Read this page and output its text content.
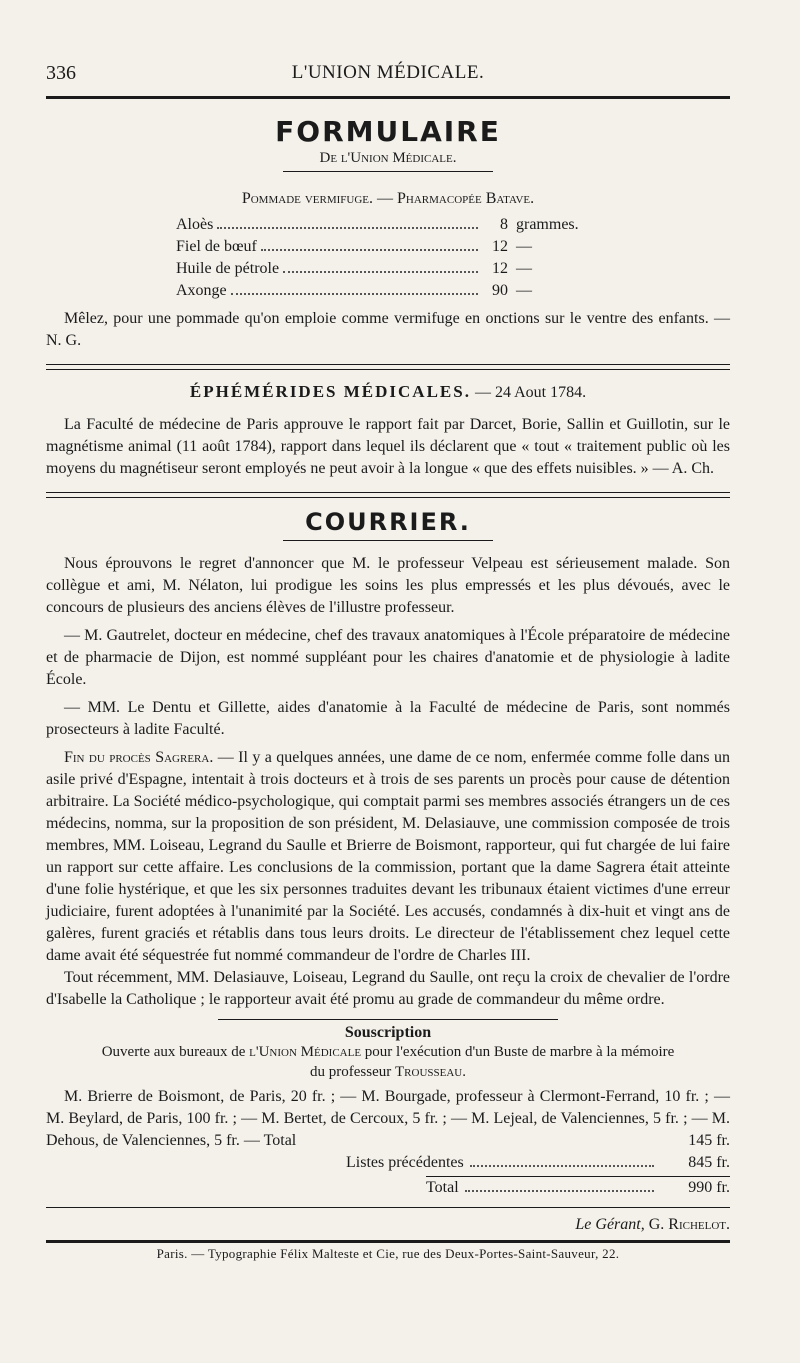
336	L'UNION MÉDICALE.
FORMULAIRE
De l'Union Médicale.
Pommade vermifuge. — Pharmacopée Batave.
Aloès	8 grammes.
Fiel de bœuf	12 —
Huile de pétrole	12 —
Axonge	90 —

Mêlez, pour une pommade qu'on emploie comme vermifuge en onctions sur le ventre des enfants. — N. G.

ÉPHÉMÉRIDES MÉDICALES. — 24 Aout 1784.

La Faculté de médecine de Paris approuve le rapport fait par Darcet, Borie, Sallin et Guillotin, sur le magnétisme animal (11 août 1784), rapport dans lequel ils déclarent que « tout « traitement public où les moyens du magnétiseur seront employés ne peut avoir à la longue « que des effets nuisibles. » — A. Ch.

COURRIER.

Nous éprouvons le regret d'annoncer que M. le professeur Velpeau est sérieusement malade. Son collègue et ami, M. Nélaton, lui prodigue les soins les plus empressés et les plus dévoués, avec le concours de plusieurs des anciens élèves de l'illustre professeur.

— M. Gautrelet, docteur en médecine, chef des travaux anatomiques à l'École préparatoire de médecine et de pharmacie de Dijon, est nommé suppléant pour les chaires d'anatomie et de physiologie à ladite École.

— MM. Le Dentu et Gillette, aides d'anatomie à la Faculté de médecine de Paris, sont nommés prosecteurs à ladite Faculté.

Fin du procès Sagrera. — Il y a quelques années, une dame de ce nom, enfermée comme folle dans un asile privé d'Espagne, intentait à trois docteurs et à trois de ses parents un procès pour cause de détention arbitraire. La Société médico-psychologique, qui comptait parmi ses membres associés étrangers un de ces médecins, nomma, sur la proposition de son président, M. Delasiauve, une commission composée de trois membres, MM. Loiseau, Legrand du Saulle et Brierre de Boismont, rapporteur, qui fut chargée de lui faire un rapport sur cette affaire. Les conclusions de la commission, portant que la dame Sagrera était atteinte d'une folie hystérique, et que les six personnes traduites devant les tribunaux étaient victimes d'une erreur judiciaire, furent adoptées à l'unanimité par la Société. Les accusés, condamnés à dix-huit et vingt ans de galères, furent graciés et rétablis dans tous leurs droits. Le directeur de l'établissement chez lequel cette dame avait été séquestrée fut nommé commandeur de l'ordre de Charles III.

Tout récemment, MM. Delasiauve, Loiseau, Legrand du Saulle, ont reçu la croix de chevalier de l'ordre d'Isabelle la Catholique ; le rapporteur avait été promu au grade de commandeur du même ordre.

Souscription
Ouverte aux bureaux de l'Union Médicale pour l'exécution d'un Buste de marbre à la mémoire
du professeur Trousseau.

M. Brierre de Boismont, de Paris, 20 fr. ; — M. Bourgade, professeur à Clermont-Ferrand, 10 fr. ; — M. Beylard, de Paris, 100 fr. ; — M. Bertet, de Cercoux, 5 fr. ; — M. Lejeal, de Valenciennes, 5 fr. ; — M. Dehous, de Valenciennes, 5 fr. — Total	145 fr.

Listes précédentes	845 fr.
Total	990 fr.
Le Gérant, G. Richelot.
Paris. — Typographie Félix Malteste et Cie, rue des Deux-Portes-Saint-Sauveur, 22.
